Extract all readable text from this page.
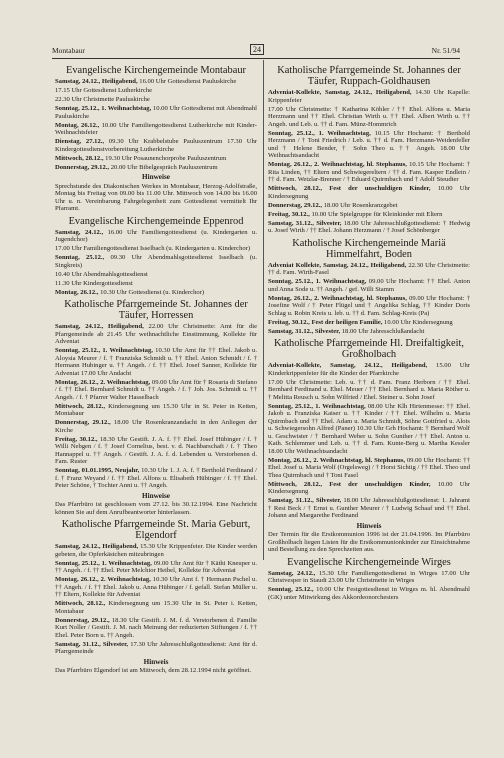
Montabaur	24	Nr. 51/94
Evangelische Kirchengemeinde Montabaur

Samstag, 24.12., Heiligabend, 16.00 Uhr Gottesdienst Pauluskirche

17.15 Uhr Gottesdienst Lutherkirche

22.30 Uhr Christmette Pauluskirche

Sonntag, 25.12., 1. Weihnachtstag, 10.00 Uhr Gottesdienst mit Abendmahl Pauluskirche

Montag, 26.12., 10.00 Uhr Familiengottesdienst Lutherkirche mit Kinder-Weihnachtsfeier

Dienstag, 27.12., 09.30 Uhr Krabbelstube Pauluszentrum 17.30 Uhr Kindergottesdienstvorbereitung Lutherkirche

Mittwoch, 28.12., 19.30 Uhr Posaunenchorprobe Pauluszentrum

Donnerstag, 29.12., 20.00 Uhr Bibelgespräch Pauluszentrum

Hinweise

Sprechstunde des Diakonischen Werkes in Montabaur, Herzog-Adolfstraße, Montag bis Freitag von 09.00 bis 11.00 Uhr. Mittwoch von 14.00 bis 16.00 Uhr u. n. Vereinbarung Fahrgelegenheit zum Gottesdienst vermittelt Ihr Pfarramt.

Evangelische Kirchengemeinde Eppenrod

Samstag, 24.12., 16.00 Uhr Familiengottesdienst (u. Kindergarten u. Jugendchor)

17.00 Uhr Familiengottesdienst Isselbach (u. Kindergarten u. Kinderchor)

Sonntag, 25.12., 09.30 Uhr Abendmahlsgottesdienst Isselbach (u. Singkreis)

10.40 Uhr Abendmahlsgottesdienst

11.30 Uhr Kindergottesdienst

Montag, 26.12., 10.30 Uhr Gottesdienst (u. Kinderchor)

Katholische Pfarrgemeinde St. Johannes der Täufer, Horressen

Samstag, 24.12., Heiligabend, 22.00 Uhr Christmette: Amt für die Pfarrgemeinde ab 21.45 Uhr weihnachtliche Einstimmung, Kollekte für Adveniat

Sonntag, 25.12., 1. Weihnachtstag, 10.30 Uhr Amt für †† Ehel. Jakob u. Aloysia Meurer / f. † Franziska Schmidt u. †† Ehel. Anton Schmidt / f. † Hermann Hubinger u. †† Angeh. / f. †† Ehel. Josef Sanner, Kollekte für Adveniat 17.00 Uhr Andacht

Montag, 26.12., 2. Weihnachtstag, 09.00 Uhr Amt für † Rosaria di Stefano / f. †† Ehel. Bernhard Schmidt u. †† Angeh. / f. † Joh. Jos. Schmidt u. †† Angeh. / f. † Pfarrer Walter Hasselbach

Mittwoch, 28.12., Kindersegnung um 15.30 Uhr in St. Peter in Ketten, Montabaur

Donnerstag, 29.12., 18.00 Uhr Rosenkranzandacht in den Anliegen der Kirche

Freitag, 30.12., 18.30 Uhr Gestift. J. A. f. †† Ehel. Josef Hübinger / f. † Willi Nebgen / f. † Josef Cornelius, best. v. d. Nachbarschaft / f. † Theo Hannappel u. †† Angeh. / Gestift. J. A. f. d. Lebenden u. Verstorbenen d. Fam. Ruster

Sonntag, 01.01.1995, Neujahr, 10.30 Uhr 1. J. A. f. † Berthold Ferdinand / f. † Franz Weyand / f. †† Ehel. Alfons u. Elisabeth Hübinger / f. †† Ehel. Peter Schöne, † Tochter Anni u. †† Angeh.

Hinweise

Das Pfarrbüro ist geschlossen vom 27.12. bis 30.12.1994. Eine Nachricht können Sie auf dem Anrufbeantworter hinterlassen.

Katholische Pfarrgemeinde St. Maria Geburt, Elgendorf

Samstag, 24.12., Heiligabend, 15.30 Uhr Krippenfeier. Die Kinder werden gebeten, die Opferkästchen mitzubringen

Sonntag, 25.12., 1. Weihnachtstag, 09.00 Uhr Amt für † Käthi Kneuper u. †† Angeh. / f. †† Ehel. Peter Melchior Heibel, Kollekte für Adveniat

Montag, 26.12., 2. Weihnachtstag, 10.30 Uhr Amt f. † Hermann Pschel u. †† Angeh. / f. †† Ehel. Jakob u. Anna Hübinger / f. gefall. Stefan Müller u. †† Eltern, Kollekte für Adveniat

Mittwoch, 28.12., Kindersegnung um 15.30 Uhr in St. Peter i. Ketten, Montabaur

Donnerstag, 29.12., 18.30 Uhr Gestift. J. M. f. d. Verstorbenen d. Familie Kurt Noller / Gestift. J. M. nach Meinung der reduzierten Stiftungen / f. †† Ehel. Peter Born u. †† Angeh.

Samstag, 31.12., Silvester, 17.30 Uhr Jahresschlußgottesdienst: Amt für d. Pfarrgemeinde

Hinweis

Das Pfarrbüro Elgendorf ist am Mittwoch, dem 28.12.1994 nicht geöffnet.

Katholische Pfarrgemeinde St. Johannes der Täufer, Ruppach-Goldhausen

Adveniat-Kollekte, Samstag, 24.12., Heiligabend, 14.30 Uhr Kapelle: Krippenfeier

17.00 Uhr Christmette: † Katharina Köhler / †† Ehel. Alfons u. Maria Herzmann und †† Ehel. Christian Wirth u. †† Ehel. Albert Wirth u. †† Angeh. und Leb. u. †† d. Fam. Münz-Hommrich

Sonntag, 25.12., 1. Weihnachtstag, 10.15 Uhr Hochamt: † Berthold Herzmann / † Toni Friedrich / Leb. u. †† d. Fam. Herzmann-Weidenfeller und † Helene Bender, † Sohn Theo u. †† Angeh. 18.00 Uhr Weihnachtsandacht

Montag, 26.12., 2. Weihnachtstag, hl. Stephanus, 10.15 Uhr Hochamt: † Rita Linden, †† Eltern und Schwiegereltern / †† d. Fam. Kasper Endlein / †† d. Fam. Wetzlar-Brenner / † Eduard Quirmbach und † Adolf Steudter

Mittwoch, 28.12., Fest der unschuldigen Kinder, 10.00 Uhr Kindersegnung

Donnerstag, 29.12., 18.00 Uhr Rosenkranzgebet

Freitag, 30.12., 10.00 Uhr Spielgruppe für Kleinkinder mit Eltern

Samstag, 31.12., Silvester, 18.00 Uhr Jahresschlußgottesdienst: † Hedwig u. Josef Wirth / †† Ehel. Johann Herzmann / † Josef Schönberger

Katholische Kirchengemeinde Mariä Himmelfahrt, Boden

Adveniat Kollekte, Samstag, 24.12., Heiligabend, 22.30 Uhr Christmette: †† d. Fam. Wirth-Fasel

Sonntag, 25.12., 1. Weihnachtstag, 09.00 Uhr Hochamt: †† Ehel. Anton und Anna Sode u. †† Angeh. / gef. Willi Stamm

Montag, 26.12., 2. Weihnachtstag, hl. Stephanus, 09.00 Uhr Hochamt: † Josefine Wolf / † Peter Flügel und † Angelika Schlag, †† Kinder Doris Schlag u. Robin Kreis u. leb. u. †† d. Fam. Schlag-Kreis (Pa)

Freitag, 30.12., Fest der heiligen Familie, 10.00 Uhr Kindersegnung

Samstag, 31.12., Silvester, 18.00 Uhr Jahresschlußandacht

Katholische Pfarrgemeinde Hl. Dreifaltigkeit, Großholbach

Adveniat-Kollekte, Samstag, 24.12., Heiligabend, 15.00 Uhr Kinderkrippenfeier für die Kinder der Pfarrkirche

17.00 Uhr Christmette: Leb. u. †† d. Fam. Franz Herborn / †† Ehel. Bernhard Ferdinand u. Ehel. Meuer / †† Ehel. Bernhard u. Maria Röther u. † Melitta Reusch u. Sohn Wilfried / Ehel. Steiner u. Sohn Josef

Sonntag, 25.12., 1. Weihnachtstag, 08.00 Uhr Klh Hirtenmesse: †† Ehel. Jakob u. Franziska Kaiser u. †† Kinder / †† Ehel. Wilhelm u. Maria Quirmbach und †† Ehel. Adam u. Maria Schmidt, Söhne Gottfried u. Alois u. Schwiegersohn Alfred (Paner) 10.30 Uhr Grh Hochamt: † Bernhard Wolf u. Geschwister / † Bernhard Weber u. Sohn Gunther / †† Ehel. Anton u. Kath. Schlemmer und Leb. u. †† d. Fam. Kunte-Berg u. Martha Kessler 18.00 Uhr Weihnachtsandacht

Montag, 26.12., 2. Weihnachtstag, hl. Stephanus, 09.00 Uhr Hochamt: †† Ehel. Josef u. Maria Wolf (Orgelsweg) / † Horst Sichtig / †† Ehel. Theo und Thea Quirmbach und † Toni Fasel

Mittwoch, 28.12., Fest der unschuldigen Kinder, 10.00 Uhr Kindersegnung

Samstag, 31.12., Silvester, 18.00 Uhr Jahresschlußgottesdienst: 1. Jahramt † Resi Beck / † Ernst u. Gunther Meurer / † Ludwig Schaaf und †† Ehel. Johann and Margarethe Ferdinand

Hinweis

Der Termin für die Erstkommunion 1996 ist der 21.04.1996. Im Pfarrbüro Großholbach liegen Listen für die Erstkommunionkinder zur Einsichtnahme und Bestellung zu den Sprechzeiten aus.

Evangelische Kirchengemeinde Wirges

Samstag, 24.12., 15.30 Uhr Familiengottesdienst in Wirges 17.00 Uhr Christvesper in Staudt 23.00 Uhr Christmette in Wirges

Sonntag, 25.12., 10.00 Uhr Festgottesdienst in Wirges m. hl. Abendmahl (GK) unter Mitwirkung des Akkordeonorchesters
